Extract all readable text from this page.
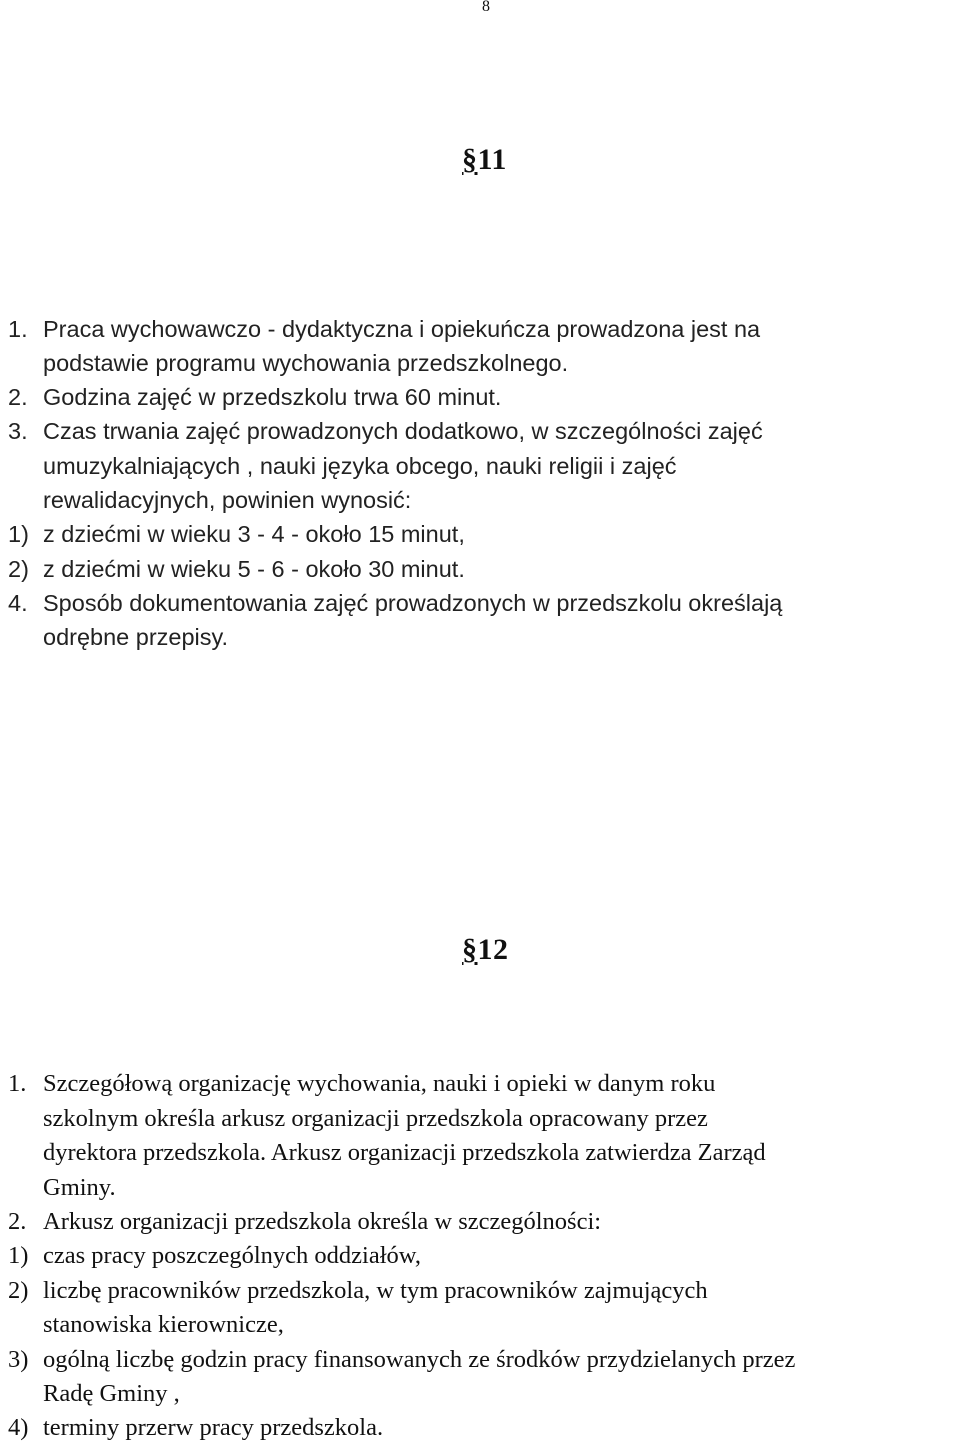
8
§11
1. Praca wychowawczo - dydaktyczna i opiekuńcza prowadzona jest na
podstawie programu wychowania przedszkolnego.
2. Godzina zajęć w przedszkolu trwa 60 minut.
3. Czas trwania zajęć prowadzonych dodatkowo, w szczególności zajęć
umuzykalniających , nauki języka obcego, nauki religii i zajęć
rewalidacyjnych, powinien wynosić:
1) z dziećmi w wieku 3 - 4 - około 15 minut,
2) z dziećmi w wieku 5 - 6 - około 30 minut.
4. Sposób dokumentowania zajęć prowadzonych w przedszkolu określają
odrębne przepisy.
§12
1. Szczegółową organizację wychowania, nauki i opieki w danym roku
szkolnym określa arkusz organizacji przedszkola opracowany przez
dyrektora przedszkola. Arkusz organizacji przedszkola zatwierdza Zarząd
Gminy.
2. Arkusz organizacji przedszkola określa w szczególności:
1) czas pracy poszczególnych oddziałów,
2) liczbę pracowników przedszkola, w tym pracowników zajmujących
stanowiska kierownicze,
3) ogólną liczbę godzin pracy finansowanych ze środków przydzielanych przez
Radę Gminy ,
4) terminy przerw pracy przedszkola.
